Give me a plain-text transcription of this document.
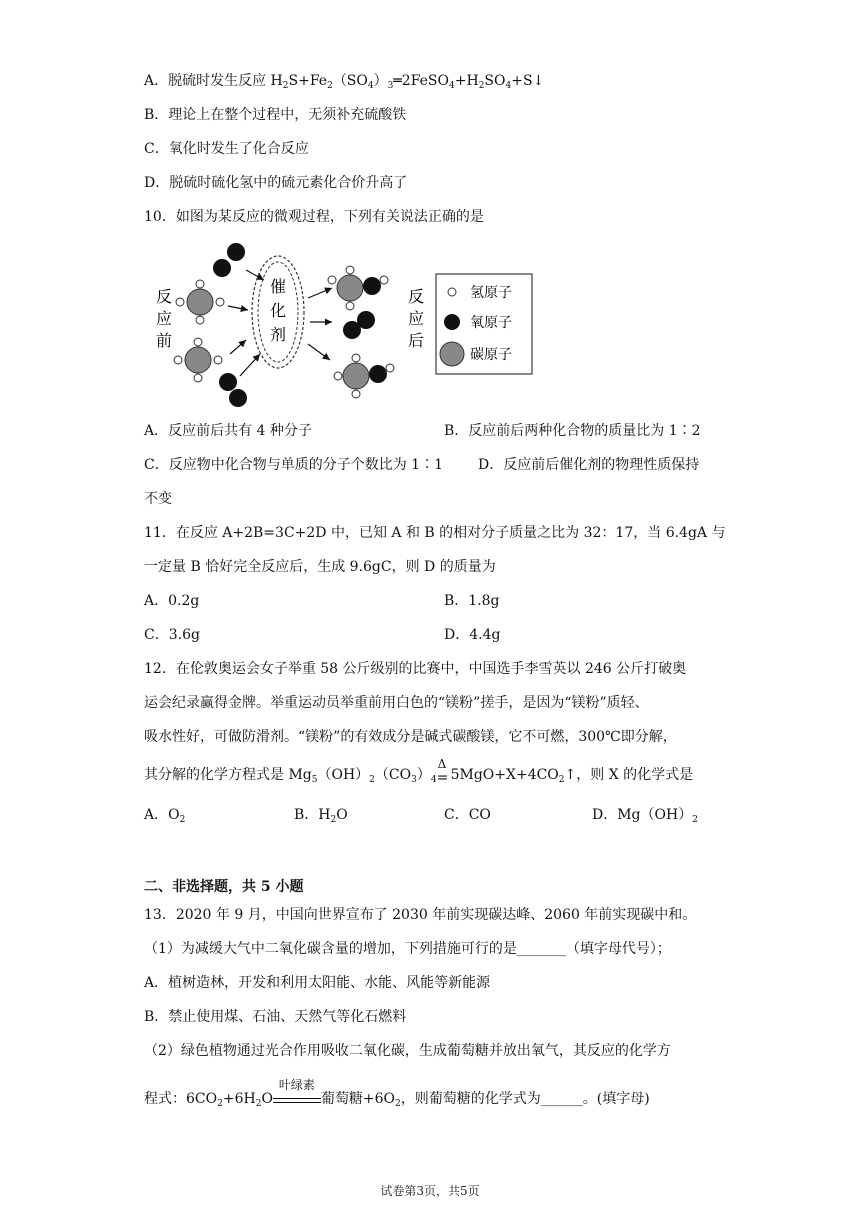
A．脱硫时发生反应 $H_2S+Fe_2(SO_4)_3═2FeSO_4+H_2SO_4+S↓$
B．理论上在整个过程中，无须补充硫酸铁
C．氧化时发生了化合反应
D．脱硫时硫化氢中的硫元素化合价升高了
10．如图为某反应的微观过程，下列有关说法正确的是
反
应
前
催
化
剂
反
应
后
氢原子
氧原子
碳原子
A．反应前后共有 4 种分子	B．反应前后两种化合物的质量比为 1∶2
C．反应物中化合物与单质的分子个数比为 1∶1	D．反应前后催化剂的物理性质保持
不变
11．在反应 A+2B=3C+2D 中，已知 A 和 B 的相对分子质量之比为 32：17，当 6.4gA 与
一定量 B 恰好完全反应后，生成 9.6gC，则 D 的质量为
A．0.2g	B．1.8g
C．3.6g	D．4.4g
12．在伦敦奥运会女子举重 58 公斤级别的比赛中，中国选手李雪英以 246 公斤打破奥
运会纪录赢得金牌。举重运动员举重前用白色的“镁粉”搓手，是因为“镁粉”质轻、
吸水性好，可做防滑剂。“镁粉”的有效成分是碱式碳酸镁，它不可燃，300℃即分解，
其分解的化学方程式是 $Mg_5(OH)_2(CO_3)_4$
Δ
= $5MgO+X+4CO_2↑$，则 X 的化学式是
A．$O_2$	B．$H_2O$	C．CO	D．$Mg(OH)_2$
二、非选择题，共 5 小题
13．2020 年 9 月，中国向世界宣布了 2030 年前实现碳达峰、2060 年前实现碳中和。
（1）为减缓大气中二氧化碳含量的增加，下列措施可行的是_______（填字母代号）；
A．植树造林，开发和利用太阳能、水能、风能等新能源
B．禁止使用煤、石油、天然气等化石燃料
（2）绿色植物通过光合作用吸收二氧化碳，生成葡萄糖并放出氧气，其反应的化学方
程式：$6CO_2+6H_2O$
叶绿素
葡萄糖$+6O_2$，则葡萄糖的化学式为______。(填字母)
试卷第3页，共5页
